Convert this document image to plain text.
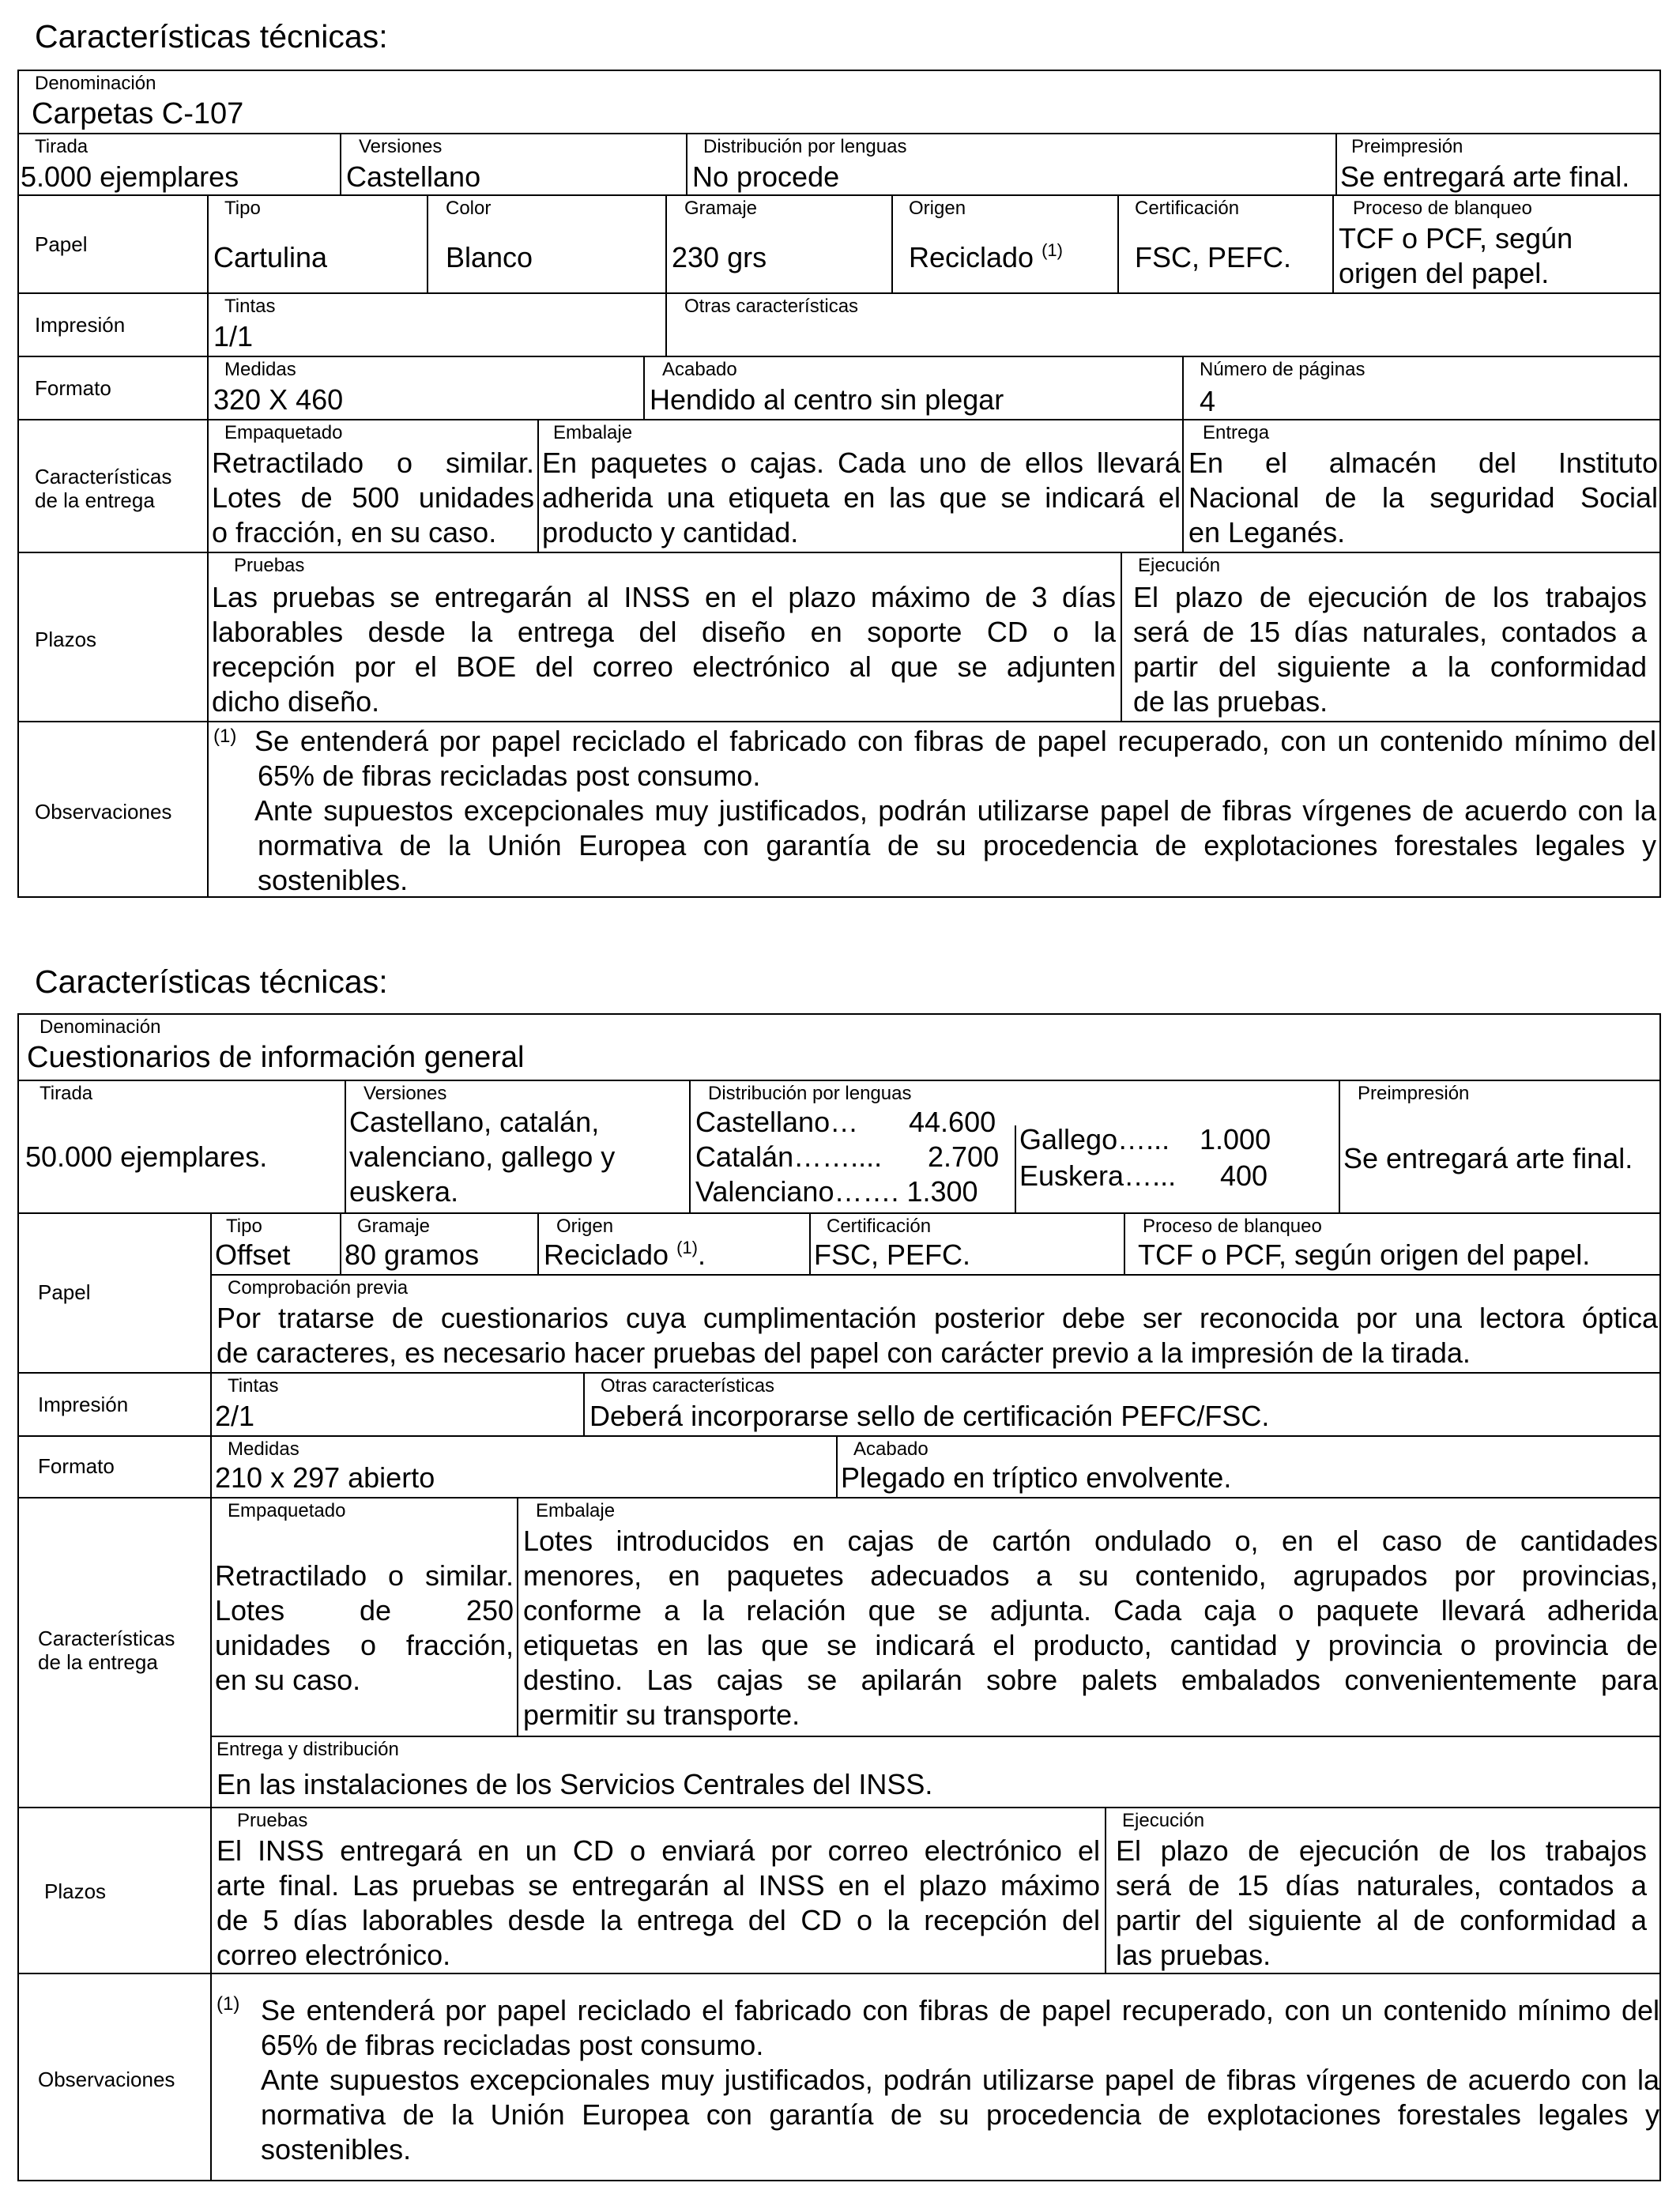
Características técnicas:
Denominación
Carpetas C-107
Tirada
5.000 ejemplares
Versiones
Castellano
Distribución por lenguas
No procede
Preimpresión
Se entregará arte final.
Papel
Tipo
Cartulina
Color
Blanco
Gramaje
230 grs
Origen
Reciclado $^{(1)}$
Certificación
FSC, PEFC.
Proceso de blanqueo
TCF o PCF, según
origen del papel.
Impresión
Tintas
1/1
Otras características
Formato
Medidas
320 X 460
Acabado
Hendido al centro sin plegar
Número de páginas
4
Características
de la entrega
Empaquetado
Retractilado o similar.
Lotes de 500 unidades
o fracción, en su caso.
Embalaje
En paquetes o cajas. Cada uno de ellos llevará
adherida una etiqueta en las que se indicará el
producto y cantidad.
Entrega
En el almacén del Instituto
Nacional de la seguridad Social
en Leganés.
Plazos
Pruebas
Las pruebas se entregarán al INSS en el plazo máximo de 3 días
laborables desde la entrega del diseño en soporte CD o la
recepción por el BOE del correo electrónico al que se adjunten
dicho diseño.
Ejecución
El plazo de ejecución de los trabajos
será de 15 días naturales, contados a
partir del siguiente a la conformidad
de las pruebas.
Observaciones
(1) Se entenderá por papel reciclado el fabricado con fibras de papel recuperado, con un contenido mínimo del 65% de fibras recicladas post consumo.

Ante supuestos excepcionales muy justificados, podrán utilizarse papel de fibras vírgenes de acuerdo con la normativa de la Unión Europea con garantía de su procedencia de explotaciones forestales legales y sostenibles.

Características técnicas:
Denominación
Cuestionarios de información general
Tirada
50.000 ejemplares.
Versiones
Castellano, catalán,
valenciano, gallego y
euskera.
Distribución por lenguas
Castellano… 44.600
Catalán…….... 2.700
Valenciano……. 1.300
Gallego…... 1.000
Euskera…... 400
Preimpresión
Se entregará arte final.
Papel
Tipo
Offset
Gramaje
80 gramos
Origen
Reciclado $^{(1)}$.
Certificación
FSC, PEFC.
Proceso de blanqueo
TCF o PCF, según origen del papel.
Comprobación previa
Por tratarse de cuestionarios cuya cumplimentación posterior debe ser reconocida por una lectora óptica
de caracteres, es necesario hacer pruebas del papel con carácter previo a la impresión de la tirada.
Impresión
Tintas
2/1
Otras características
Deberá incorporarse sello de certificación PEFC/FSC.
Formato
Medidas
210 x 297 abierto
Acabado
Plegado en tríptico envolvente.
Características
de la entrega
Empaquetado
Retractilado o similar.
Lotes de 250
unidades o fracción,
en su caso.
Embalaje
Lotes introducidos en cajas de cartón ondulado o, en el caso de cantidades
menores, en paquetes adecuados a su contenido, agrupados por provincias,
conforme a la relación que se adjunta. Cada caja o paquete llevará adherida
etiquetas en las que se indicará el producto, cantidad y provincia o provincia de
destino. Las cajas se apilarán sobre palets embalados convenientemente para
permitir su transporte.
Entrega y distribución
En las instalaciones de los Servicios Centrales del INSS.
Plazos
Pruebas
El INSS entregará en un CD o enviará por correo electrónico el
arte final. Las pruebas se entregarán al INSS en el plazo máximo
de 5 días laborables desde la entrega del CD o la recepción del
correo electrónico.
Ejecución
El plazo de ejecución de los trabajos
será de 15 días naturales, contados a
partir del siguiente al de conformidad a
las pruebas.
Observaciones
(1) Se entenderá por papel reciclado el fabricado con fibras de papel recuperado, con un contenido mínimo del 65% de fibras recicladas post consumo.

Ante supuestos excepcionales muy justificados, podrán utilizarse papel de fibras vírgenes de acuerdo con la normativa de la Unión Europea con garantía de su procedencia de explotaciones forestales legales y sostenibles.
